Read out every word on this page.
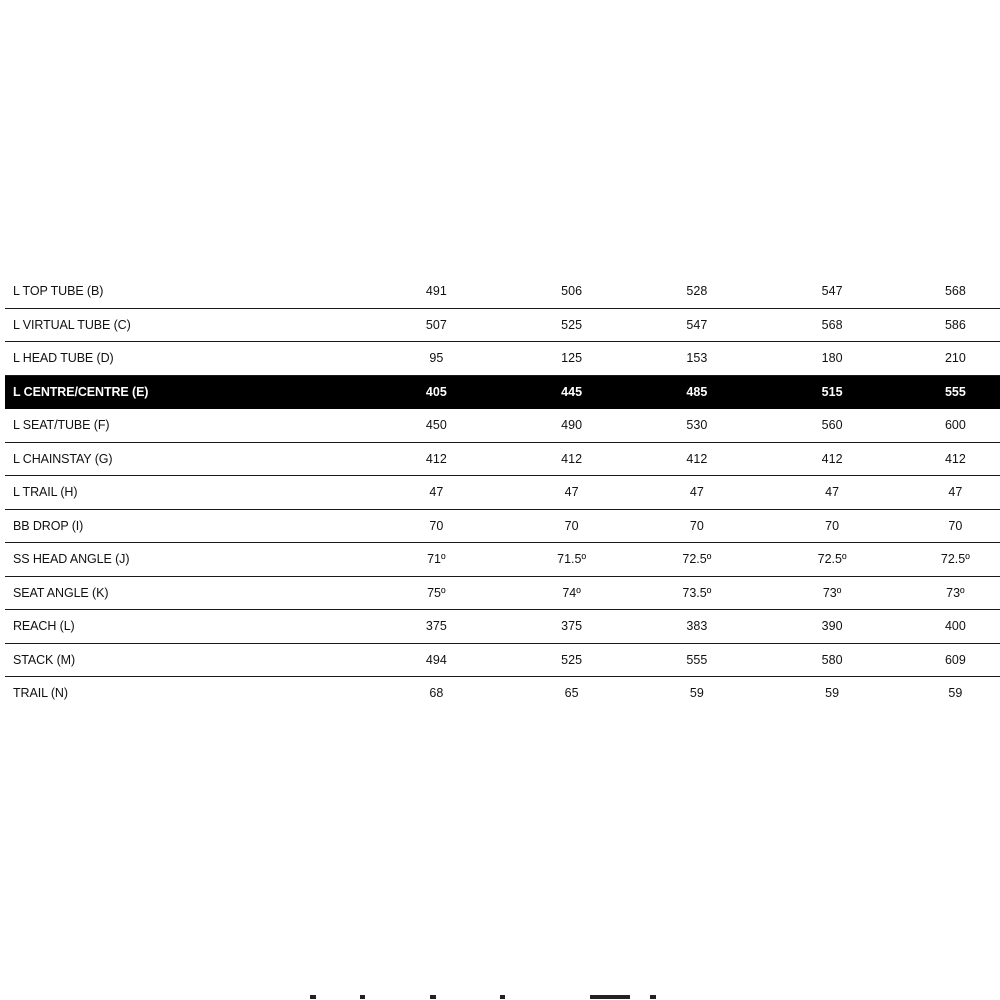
L TOP TUBE (B)	491	506	528	547	568
L VIRTUAL TUBE (C)	507	525	547	568	586
L HEAD TUBE (D)	95	125	153	180	210
L CENTRE/CENTRE (E)	405	445	485	515	555
L SEAT/TUBE (F)	450	490	530	560	600
L CHAINSTAY (G)	412	412	412	412	412
L TRAIL (H)	47	47	47	47	47
BB DROP (I)	70	70	70	70	70
SS HEAD ANGLE (J)	71º	71.5º	72.5º	72.5º	72.5º
SEAT ANGLE (K)	75º	74º	73.5º	73º	73º
REACH (L)	375	375	383	390	400
STACK (M)	494	525	555	580	609
TRAIL (N)	68	65	59	59	59
